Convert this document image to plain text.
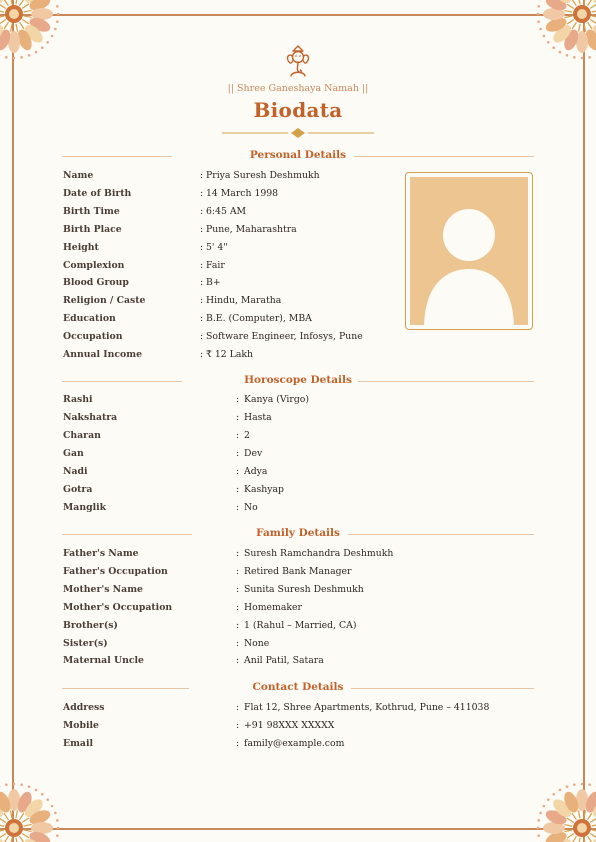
|| Shree Ganeshaya Namah ||
Biodata
Personal Details
Name	: Priya Suresh Deshmukh
Date of Birth	: 14 March 1998
Birth Time	: 6:45 AM
Birth Place	: Pune, Maharashtra
Height	: 5' 4"
Complexion	: Fair
Blood Group	: B+
Religion / Caste	: Hindu, Maratha
Education	: B.E. (Computer), MBA
Occupation	: Software Engineer, Infosys, Pune
Annual Income	: ₹ 12 Lakh
Horoscope Details
Rashi	: Kanya (Virgo)
Nakshatra	: Hasta
Charan	: 2
Gan	: Dev
Nadi	: Adya
Gotra	: Kashyap
Manglik	: No
Family Details
Father's Name	: Suresh Ramchandra Deshmukh
Father's Occupation	: Retired Bank Manager
Mother's Name	: Sunita Suresh Deshmukh
Mother's Occupation	: Homemaker
Brother(s)	: 1 (Rahul – Married, CA)
Sister(s)	: None
Maternal Uncle	: Anil Patil, Satara
Contact Details
Address	: Flat 12, Shree Apartments, Kothrud, Pune – 411038
Mobile	: +91 98XXX XXXXX
Email	: family@example.com
